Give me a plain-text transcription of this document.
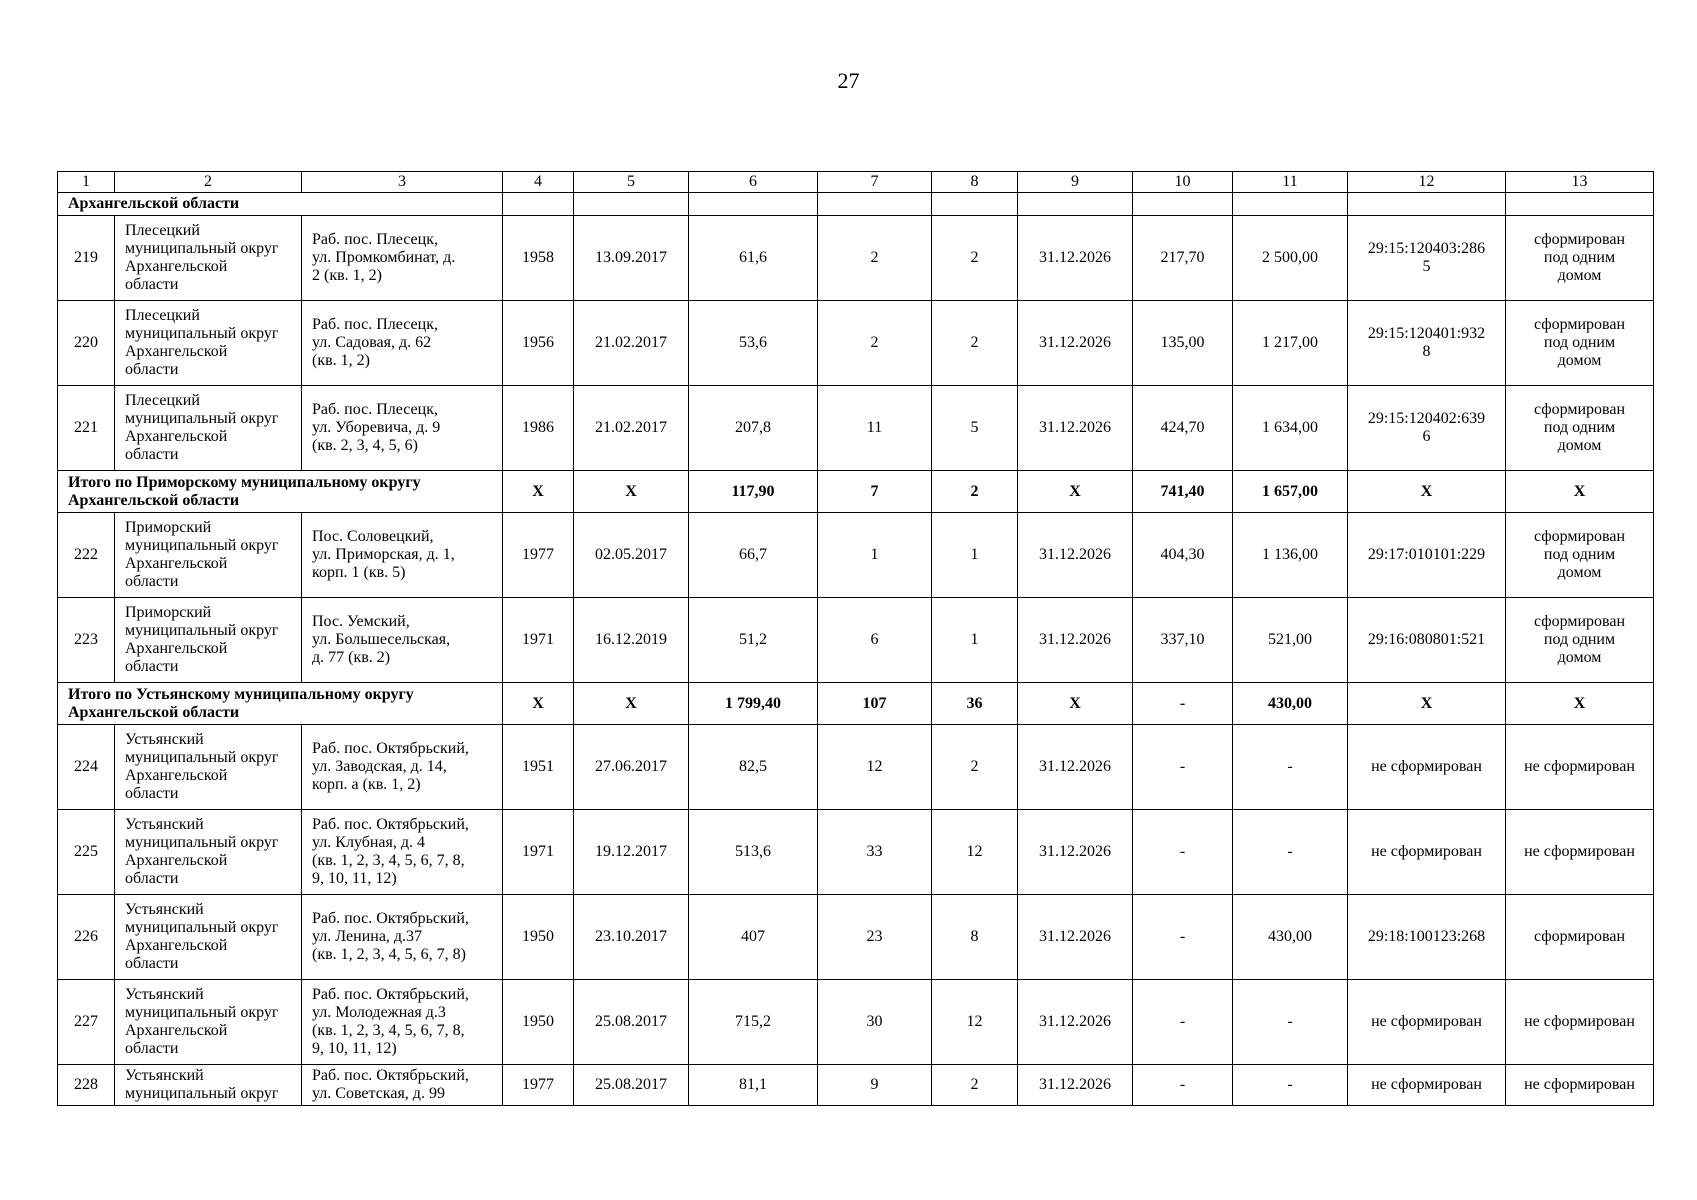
27
1	2	3	4	5	6	7	8	9	10	11	12	13
Архангельской области												
219	Плесецкий
муниципальный округ
Архангельской
области	Раб. пос. Плесецк,
ул. Промкомбинат, д.
2 (кв. 1, 2)	1958	13.09.2017	61,6	2	2	31.12.2026	217,70	2 500,00	29:15:120403:286
5	сформирован
под одним
домом
220	Плесецкий
муниципальный округ
Архангельской
области	Раб. пос. Плесецк,
ул. Садовая, д. 62
(кв. 1, 2)	1956	21.02.2017	53,6	2	2	31.12.2026	135,00	1 217,00	29:15:120401:932
8	сформирован
под одним
домом
221	Плесецкий
муниципальный округ
Архангельской
области	Раб. пос. Плесецк,
ул. Уборевича, д. 9
(кв. 2, 3, 4, 5, 6)	1986	21.02.2017	207,8	11	5	31.12.2026	424,70	1 634,00	29:15:120402:639
6	сформирован
под одним
домом
Итого по Приморскому муниципальному округу
Архангельской области			X	X	117,90	7	2	X	741,40	1 657,00	X	X
222	Приморский
муниципальный округ
Архангельской
области	Пос. Соловецкий,
ул. Приморская, д. 1,
корп. 1 (кв. 5)	1977	02.05.2017	66,7	1	1	31.12.2026	404,30	1 136,00	29:17:010101:229	сформирован
под одним
домом
223	Приморский
муниципальный округ
Архангельской
области	Пос. Уемский,
ул. Большесельская,
д. 77 (кв. 2)	1971	16.12.2019	51,2	6	1	31.12.2026	337,10	521,00	29:16:080801:521	сформирован
под одним
домом
Итого по Устьянскому муниципальному округу
Архангельской области			X	X	1 799,40	107	36	X	-	430,00	X	X
224	Устьянский
муниципальный округ
Архангельской
области	Раб. пос. Октябрьский,
ул. Заводская, д. 14,
корп. а (кв. 1, 2)	1951	27.06.2017	82,5	12	2	31.12.2026	-	-	не сформирован	не сформирован
225	Устьянский
муниципальный округ
Архангельской
области	Раб. пос. Октябрьский,
ул. Клубная, д. 4
(кв. 1, 2, 3, 4, 5, 6, 7, 8,
9, 10, 11, 12)	1971	19.12.2017	513,6	33	12	31.12.2026	-	-	не сформирован	не сформирован
226	Устьянский
муниципальный округ
Архангельской
области	Раб. пос. Октябрьский,
ул. Ленина, д.37
(кв. 1, 2, 3, 4, 5, 6, 7, 8)	1950	23.10.2017	407	23	8	31.12.2026	-	430,00	29:18:100123:268	сформирован
227	Устьянский
муниципальный округ
Архангельской
области	Раб. пос. Октябрьский,
ул. Молодежная д.3
(кв. 1, 2, 3, 4, 5, 6, 7, 8,
9, 10, 11, 12)	1950	25.08.2017	715,2	30	12	31.12.2026	-	-	не сформирован	не сформирован
228	Устьянский
муниципальный округ	Раб. пос. Октябрьский,
ул. Советская, д. 99	1977	25.08.2017	81,1	9	2	31.12.2026	-	-	не сформирован	не сформирован
